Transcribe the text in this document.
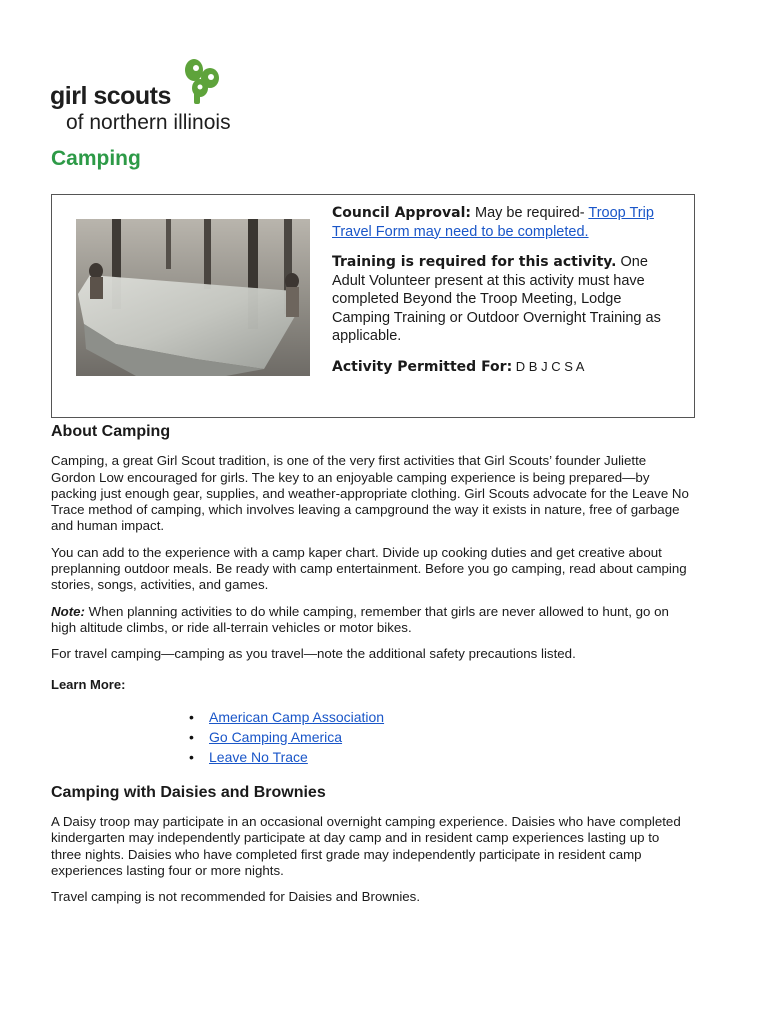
girl scouts
of northern illinois
Camping

Council Approval: May be required- Troop Trip Travel Form may need to be completed.

Training is required for this activity. One Adult Volunteer present at this activity must have completed Beyond the Troop Meeting, Lodge Camping Training or Outdoor Overnight Training as applicable.

Activity Permitted For: D B J C S A

About Camping

Camping, a great Girl Scout tradition, is one of the very first activities that Girl Scouts’ founder Juliette Gordon Low encouraged for girls. The key to an enjoyable camping experience is being prepared—by packing just enough gear, supplies, and weather-appropriate clothing. Girl Scouts advocate for the Leave No Trace method of camping, which involves leaving a campground the way it exists in nature, free of garbage and human impact.

You can add to the experience with a camp kaper chart. Divide up cooking duties and get creative about preplanning outdoor meals. Be ready with camp entertainment. Before you go camping, read about camping stories, songs, activities, and games.

Note: When planning activities to do while camping, remember that girls are never allowed to hunt, go on high altitude climbs, or ride all-terrain vehicles or motor bikes.

For travel camping—camping as you travel—note the additional safety precautions listed.

Learn More:

• American Camp Association
• Go Camping America
• Leave No Trace
Camping with Daisies and Brownies

A Daisy troop may participate in an occasional overnight camping experience. Daisies who have completed kindergarten may independently participate at day camp and in resident camp experiences lasting up to three nights. Daisies who have completed first grade may independently participate in resident camp experiences lasting four or more nights.

Travel camping is not recommended for Daisies and Brownies.
